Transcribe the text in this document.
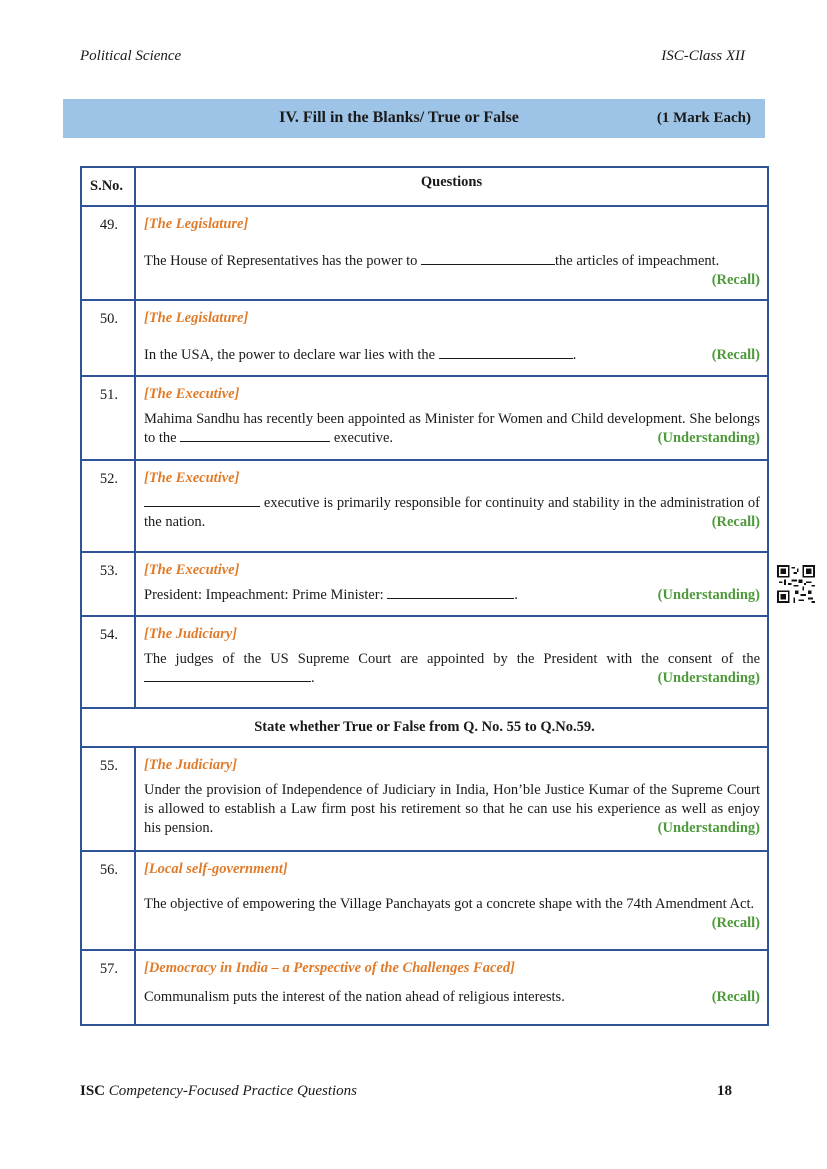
Political Science	ISC-Class XII
IV. Fill in the Blanks/ True or False	(1 Mark Each)
S.No.	Questions
49.	[The Legislature]
The House of Representatives has the power to the articles of impeachment.
(Recall)

50.	[The Legislature]
In the USA, the power to declare war lies with the . (Recall)

51.	[The Executive]
Mahima Sandhu has recently been appointed as Minister for Women and Child development. She belongs to the executive. (Understanding)

52.	[The Executive]
executive is primarily responsible for continuity and stability in the administration of the nation. (Recall)

53.	[The Executive]
President: Impeachment: Prime Minister: . (Understanding)

54.	[The Judiciary]
The judges of the US Supreme Court are appointed by the President with the consent of the . (Understanding)

State whether True or False from Q. No. 55 to Q.No.59.	
55.	[The Judiciary]
Under the provision of Independence of Judiciary in India, Hon’ble Justice Kumar of the Supreme Court is allowed to establish a Law firm post his retirement so that he can use his experience as well as enjoy his pension. (Understanding)

56.	[Local self-government]
The objective of empowering the Village Panchayats got a concrete shape with the 74th Amendment Act.
(Recall)

57.	[Democracy in India – a Perspective of the Challenges Faced]
Communalism puts the interest of the nation ahead of religious interests. (Recall)
ISC Competency-Focused Practice Questions	18
